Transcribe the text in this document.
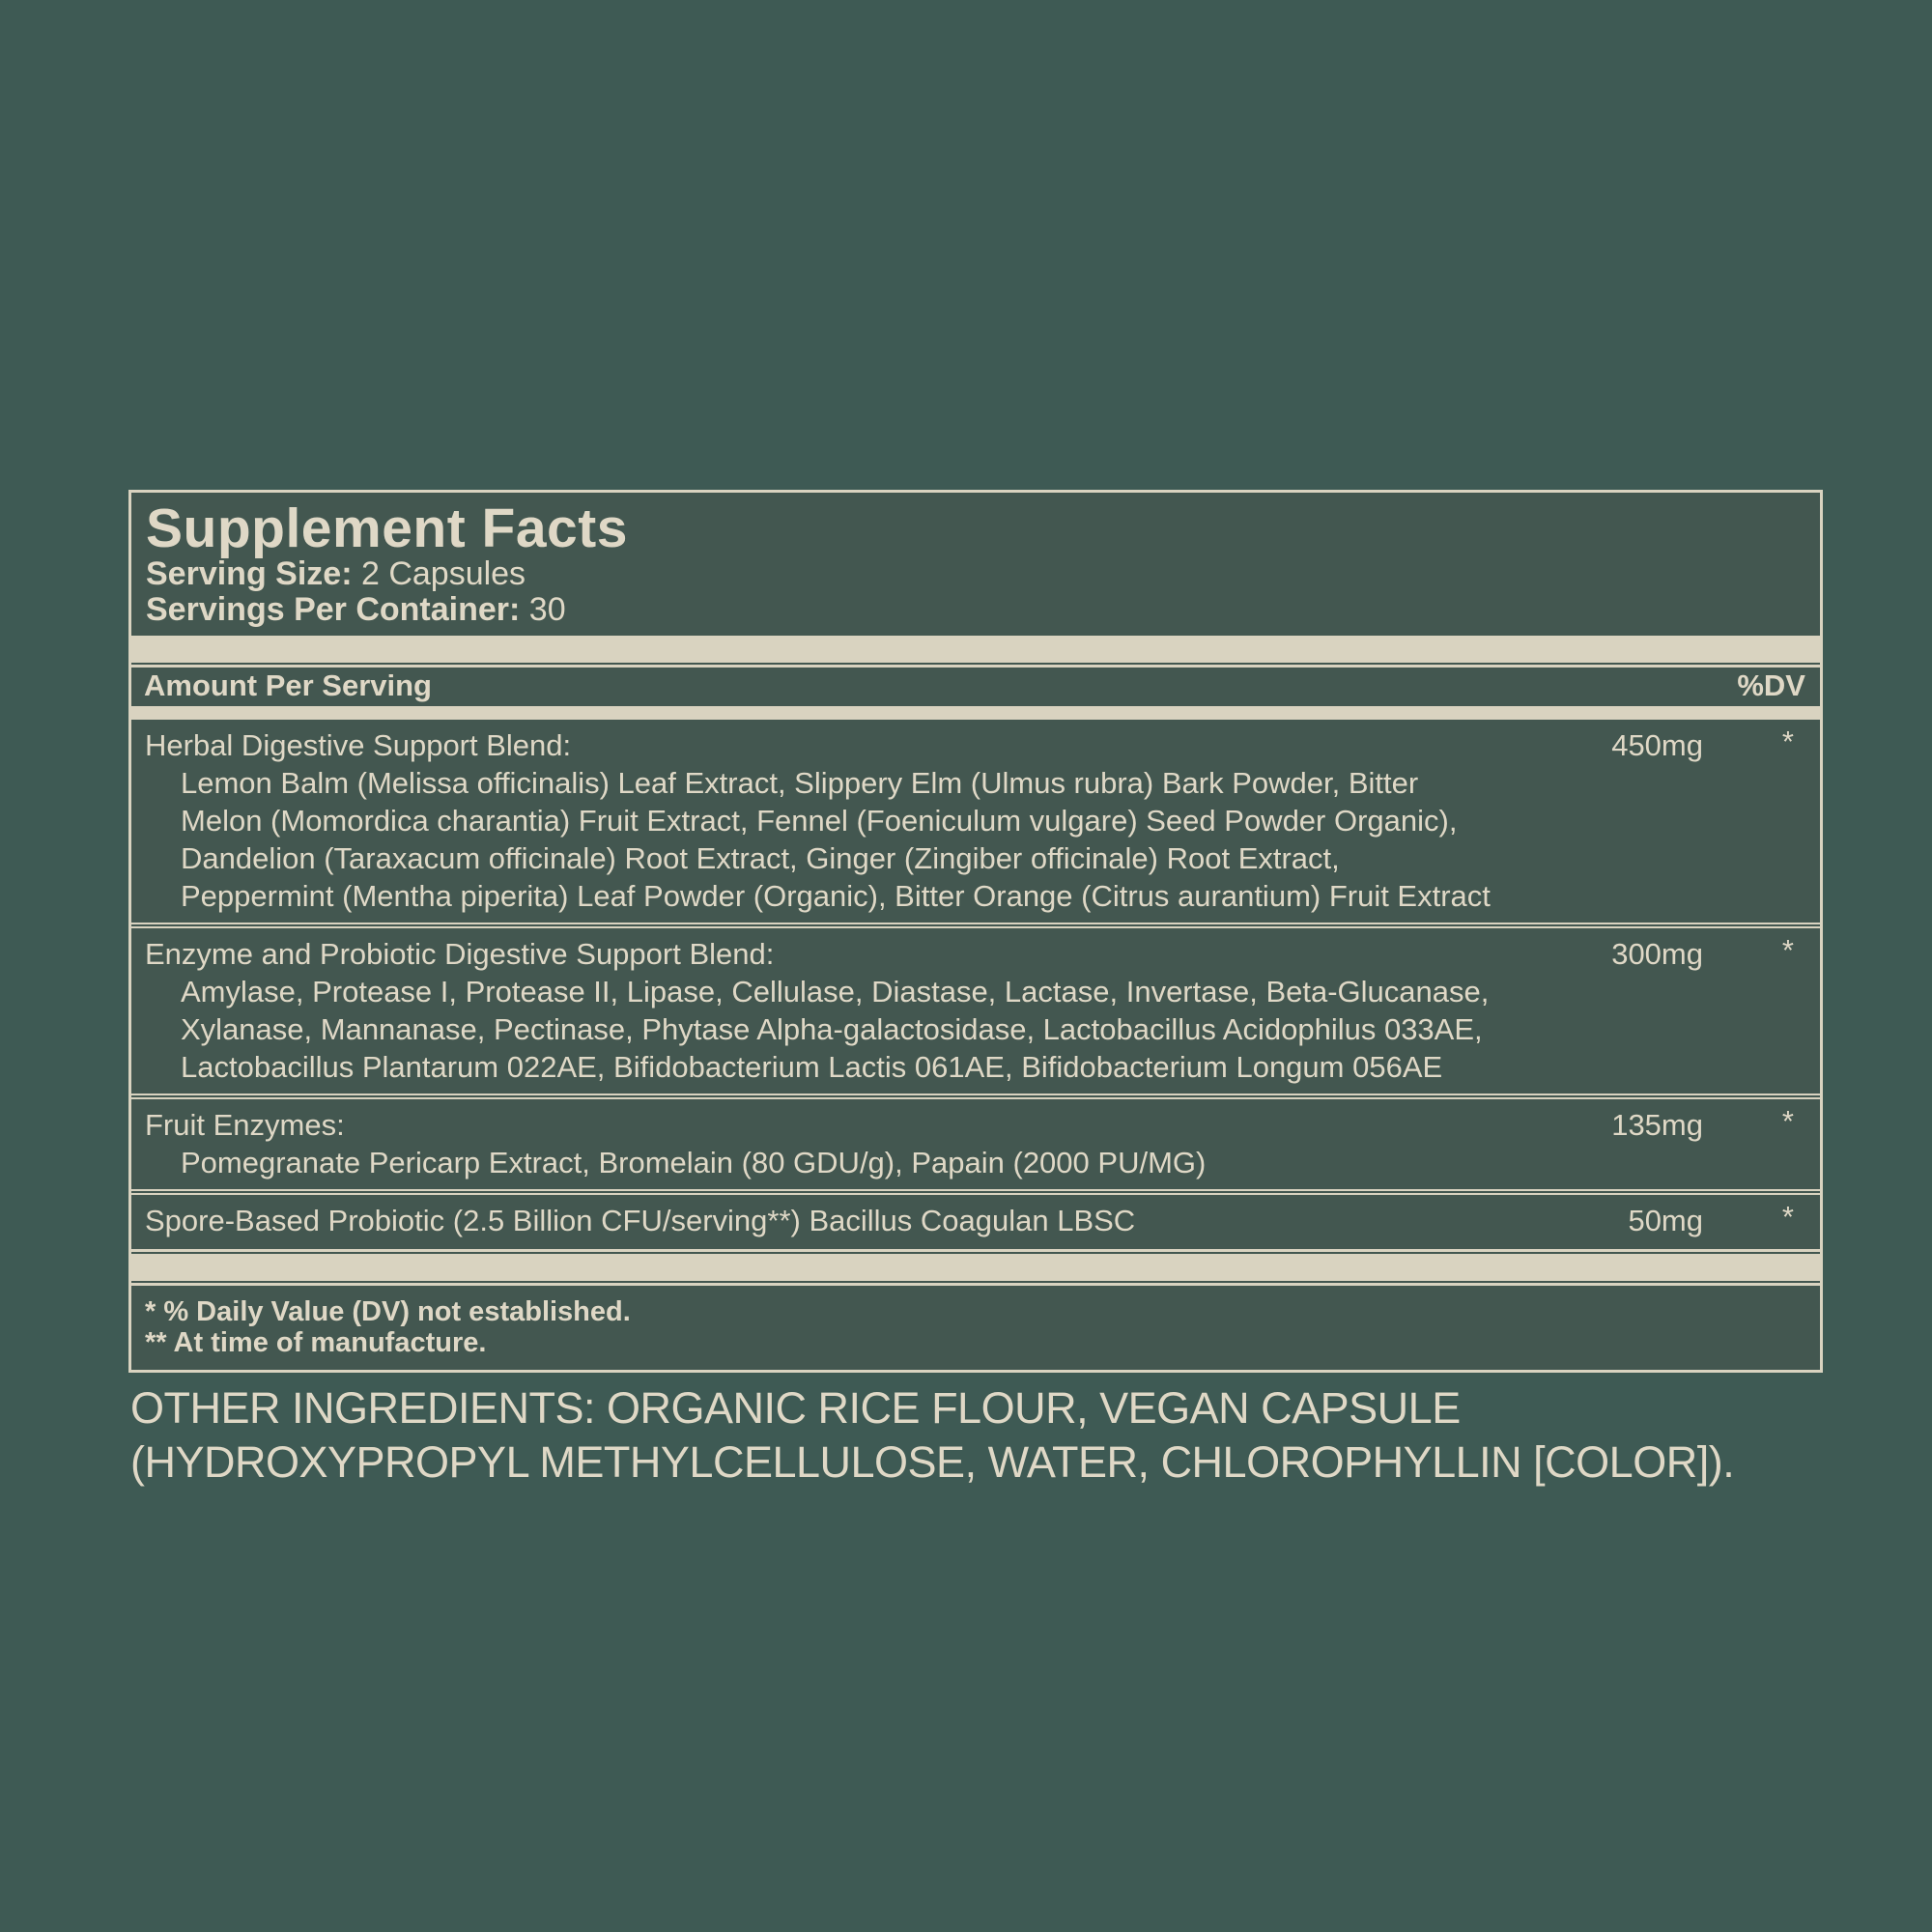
Supplement Facts
Serving Size: 2 Capsules
Servings Per Container: 30
Amount Per Serving	%DV
Herbal Digestive Support Blend:	450mg	*
Lemon Balm (Melissa officinalis) Leaf Extract, Slippery Elm (Ulmus rubra) Bark Powder, Bitter
Melon (Momordica charantia) Fruit Extract, Fennel (Foeniculum vulgare) Seed Powder Organic),
Dandelion (Taraxacum officinale) Root Extract, Ginger (Zingiber officinale) Root Extract,
Peppermint (Mentha piperita) Leaf Powder (Organic), Bitter Orange (Citrus aurantium) Fruit Extract
Enzyme and Probiotic Digestive Support Blend:	300mg	*
Amylase, Protease I, Protease II, Lipase, Cellulase, Diastase, Lactase, Invertase, Beta-Glucanase,
Xylanase, Mannanase, Pectinase, Phytase Alpha-galactosidase, Lactobacillus Acidophilus 033AE,
Lactobacillus Plantarum 022AE, Bifidobacterium Lactis 061AE, Bifidobacterium Longum 056AE
Fruit Enzymes:	135mg	*
Pomegranate Pericarp Extract, Bromelain (80 GDU/g), Papain (2000 PU/MG)
Spore-Based Probiotic (2.5 Billion CFU/serving**) Bacillus Coagulan LBSC	50mg	*
* % Daily Value (DV) not established.
** At time of manufacture.
OTHER INGREDIENTS: ORGANIC RICE FLOUR, VEGAN CAPSULE (HYDROXYPROPYL METHYLCELLULOSE, WATER, CHLOROPHYLLIN [COLOR]).
